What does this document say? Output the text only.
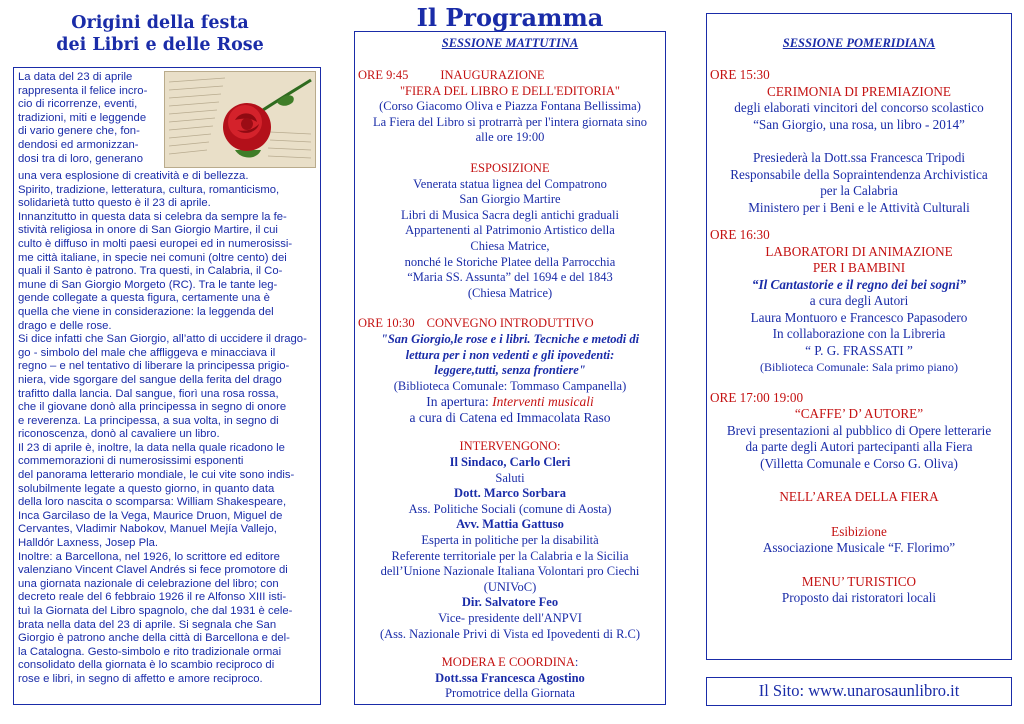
Origini della festa
dei Libri e delle Rose

La data del 23 di aprile
rappresenta il felice incro-
cio di ricorrenze, eventi,
tradizioni, miti e leggende
di vario genere che, fon-
dendosi ed armonizzan-
dosi tra di loro, generano

una vera esplosione di creatività e di bellezza.
Spirito, tradizione, letteratura, cultura, romanticismo,
solidarietà tutto questo è il 23 di aprile.
Innanzitutto in questa data si celebra da sempre la fe-
stività religiosa in onore di San Giorgio Martire, il cui
culto è diffuso in molti paesi europei ed in numerosissi-
me città italiane, in specie nei comuni (oltre cento) dei
quali il Santo è patrono. Tra questi, in Calabria, il Co-
mune di San Giorgio Morgeto (RC). Tra le tante leg-
gende collegate a questa figura, certamente una è
quella che viene in considerazione: la leggenda del
drago e delle rose.
Si dice infatti che San Giorgio, all’atto di uccidere il drago-
go - simbolo del male che affliggeva e minacciava il
regno – e nel tentativo di liberare la principessa prigio-
niera, vide sgorgare del sangue della ferita del drago
trafitto dalla lancia. Dal sangue, fiorì una rosa rossa,
che il giovane donò alla principessa in segno di onore
e reverenza. La principessa, a sua volta, in segno di
riconoscenza, donò al cavaliere un libro.
Il 23 di aprile è, inoltre, la data nella quale ricadono le
commemorazioni di numerosissimi esponenti
del panorama letterario mondiale, le cui vite sono indis-
solubilmente legate a questo giorno, in quanto data
della loro nascita o scomparsa: William Shakespeare,
Inca Garcilaso de la Vega, Maurice Druon, Miguel de
Cervantes, Vladimir Nabokov, Manuel Mejía Vallejo,
Halldór Laxness, Josep Pla.
Inoltre: a Barcellona, nel 1926, lo scrittore ed editore
valenziano Vincent Clavel Andrés si fece promotore di
una giornata nazionale di celebrazione del libro; con
decreto reale del 6 febbraio 1926 il re Alfonso XIII isti-
tuì la Giornata del Libro spagnolo, che dal 1931 è cele-
brata nella data del 23 di aprile. Si segnala che San
Giorgio è patrono anche della città di Barcellona e del-
la Catalogna. Gesto-simbolo e rito tradizionale ormai
consolidato della giornata è lo scambio reciproco di
rose e libri, in segno di affetto e amore reciproco.
Il Programma
SESSIONE MATTUTINA
ORE 9:45	INAUGURAZIONE
"FIERA DEL LIBRO E DELL'EDITORIA"
(Corso Giacomo Oliva e Piazza Fontana Bellissima)
La Fiera del Libro si protrarrà per l'intera giornata sino
alle ore 19:00
ESPOSIZIONE
Venerata statua lignea del Compatrono
San Giorgio Martire
Libri di Musica Sacra degli antichi graduali
Appartenenti al Patrimonio Artistico della
Chiesa Matrice,
nonché le Storiche Platee della Parrocchia
“Maria SS. Assunta” del 1694 e del 1843
(Chiesa Matrice)
ORE 10:30 CONVEGNO INTRODUTTIVO
"San Giorgio,le rose e i libri. Tecniche e metodi di
lettura per i non vedenti e gli ipovedenti:
leggere,tutti, senza frontiere"
(Biblioteca Comunale: Tommaso Campanella)
In apertura: Interventi musicali
a cura di Catena ed Immacolata Raso
INTERVENGONO:
Il Sindaco, Carlo Cleri
Saluti
Dott. Marco Sorbara
Ass. Politiche Sociali (comune di Aosta)
Avv. Mattia Gattuso
Esperta in politiche per la disabilità
Referente territoriale per la Calabria e la Sicilia
dell’Unione Nazionale Italiana Volontari pro Ciechi
(UNIVoC)
Dir. Salvatore Feo
Vice- presidente dell'ANPVI
(Ass. Nazionale Privi di Vista ed Ipovedenti di R.C)
MODERA E COORDINA:
Dott.ssa Francesca Agostino
Promotrice della Giornata
SESSIONE POMERIDIANA
ORE 15:30
CERIMONIA DI PREMIAZIONE
degli elaborati vincitori del concorso scolastico
“San Giorgio, una rosa, un libro - 2014”
Presiederà la Dott.ssa Francesca Tripodi
Responsabile della Sopraintendenza Archivistica
per la Calabria
Ministero per i Beni e le Attività Culturali
ORE 16:30
LABORATORI DI ANIMAZIONE
PER I BAMBINI
“Il Cantastorie e il regno dei bei sogni”
a cura degli Autori
Laura Montuoro e Francesco Papasodero
In collaborazione con la Libreria
“ P. G. FRASSATI ”
(Biblioteca Comunale: Sala primo piano)
ORE 17:00 19:00
“CAFFE’ D’ AUTORE”
Brevi presentazioni al pubblico di Opere letterarie
da parte degli Autori partecipanti alla Fiera
(Villetta Comunale e Corso G. Oliva)
NELL’AREA DELLA FIERA
Esibizione
Associazione Musicale “F. Florimo”
MENU’ TURISTICO
Proposto dai ristoratori locali
Il Sito: www.unarosaunlibro.it
